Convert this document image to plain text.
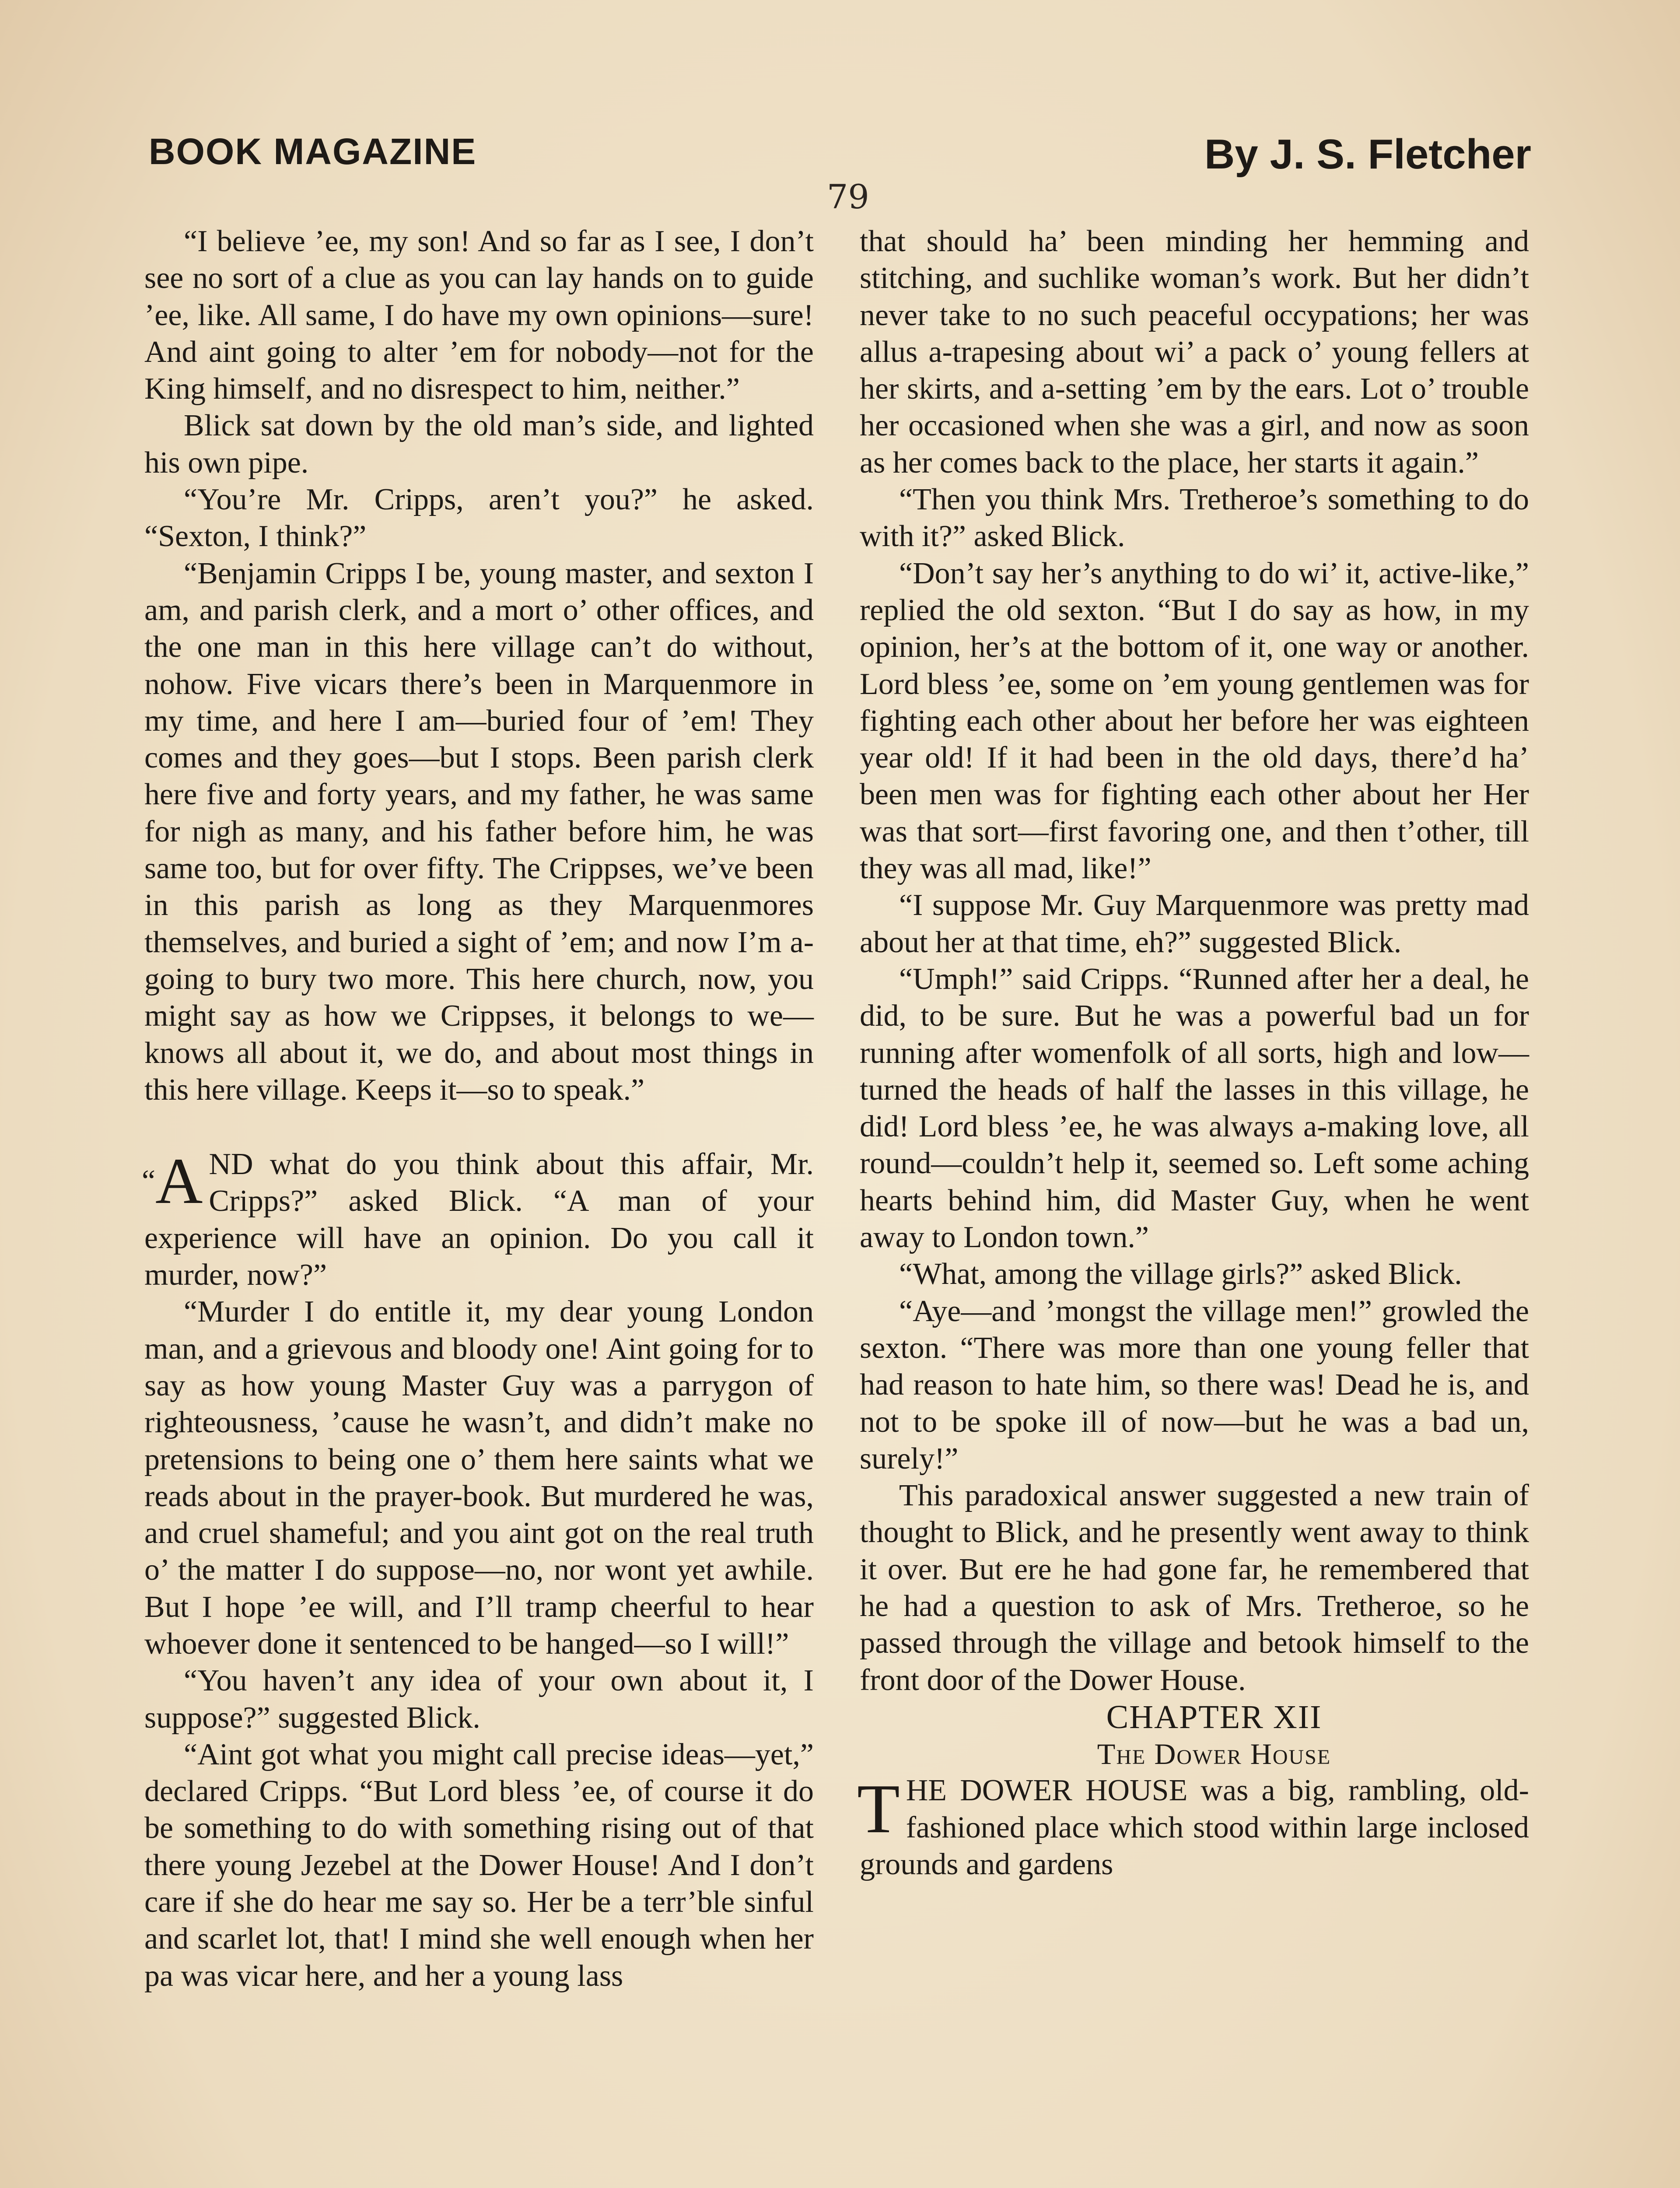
BOOK MAGAZINE	By J. S. Fletcher
79

“I believe ’ee, my son! And so far as I see, I don’t see no sort of a clue as you can lay hands on to guide ’ee, like. All same, I do have my own opinions—sure! And aint going to alter ’em for nobody—not for the King himself, and no disrespect to him, neither.”

Blick sat down by the old man’s side, and lighted his own pipe.

“You’re Mr. Cripps, aren’t you?” he asked. “Sexton, I think?”

“Benjamin Cripps I be, young master, and sexton I am, and parish clerk, and a mort o’ other offices, and the one man in this here village can’t do without, nohow. Five vicars there’s been in Marquenmore in my time, and here I am—buried four of ’em! They comes and they goes—but I stops. Been parish clerk here five and forty years, and my father, he was same for nigh as many, and his father before him, he was same too, but for over fifty. The Crippses, we’ve been in this parish as long as they Marquenmores themselves, and buried a sight of ’em; and now I’m a-going to bury two more. This here church, now, you might say as how we Crippses, it belongs to we—knows all about it, we do, and about most things in this here village. Keeps it—so to speak.”

“A ND what do you think about this affair, Mr. Cripps?” asked Blick. “A man of your experience will have an opinion. Do you call it murder, now?”

“Murder I do entitle it, my dear young London man, and a grievous and bloody one! Aint going for to say as how young Master Guy was a parrygon of righteousness, ’cause he wasn’t, and didn’t make no pretensions to being one o’ them here saints what we reads about in the prayer-book. But murdered he was, and cruel shameful; and you aint got on the real truth o’ the matter I do suppose—no, nor wont yet awhile. But I hope ’ee will, and I’ll tramp cheerful to hear whoever done it sentenced to be hanged—so I will!”

“You haven’t any idea of your own about it, I suppose?” suggested Blick.

“Aint got what you might call precise ideas—yet,” declared Cripps. “But Lord bless ’ee, of course it do be something to do with something rising out of that there young Jezebel at the Dower House! And I don’t care if she do hear me say so. Her be a terr’ble sinful and scarlet lot, that! I mind she well enough when her pa was vicar here, and her a young lass

that should ha’ been minding her hemming and stitching, and suchlike woman’s work. But her didn’t never take to no such peaceful occypations; her was allus a-trapesing about wi’ a pack o’ young fellers at her skirts, and a-setting ’em by the ears. Lot o’ trouble her occasioned when she was a girl, and now as soon as her comes back to the place, her starts it again.”

“Then you think Mrs. Tretheroe’s something to do with it?” asked Blick.

“Don’t say her’s anything to do wi’ it, active-like,” replied the old sexton. “But I do say as how, in my opinion, her’s at the bottom of it, one way or another. Lord bless ’ee, some on ’em young gentlemen was for fighting each other about her before her was eighteen year old! If it had been in the old days, there’d ha’ been men was for fighting each other about her Her was that sort—first favoring one, and then t’other, till they was all mad, like!”

“I suppose Mr. Guy Marquenmore was pretty mad about her at that time, eh?” suggested Blick.

“Umph!” said Cripps. “Runned after her a deal, he did, to be sure. But he was a powerful bad un for running after womenfolk of all sorts, high and low—turned the heads of half the lasses in this village, he did! Lord bless ’ee, he was always a-making love, all round—couldn’t help it, seemed so. Left some aching hearts behind him, did Master Guy, when he went away to London town.”

“What, among the village girls?” asked Blick.

“Aye—and ’mongst the village men!” growled the sexton. “There was more than one young feller that had reason to hate him, so there was! Dead he is, and not to be spoke ill of now—but he was a bad un, surely!”

This paradoxical answer suggested a new train of thought to Blick, and he presently went away to think it over. But ere he had gone far, he remembered that he had a question to ask of Mrs. Tretheroe, so he passed through the village and betook himself to the front door of the Dower House.

CHAPTER XII

The Dower House

THE DOWER HOUSE was a big, rambling, old-fashioned place which stood within large inclosed grounds and gardens
